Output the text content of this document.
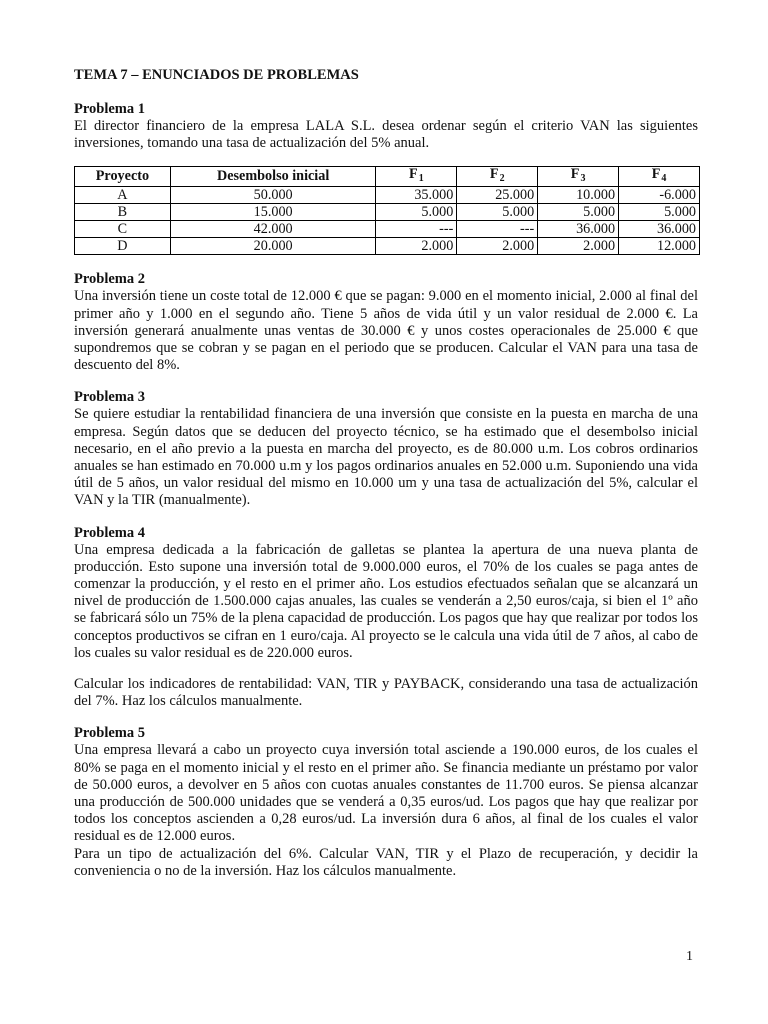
TEMA 7 – ENUNCIADOS DE PROBLEMAS
Problema 1

El director financiero de la empresa LALA S.L. desea ordenar según el criterio VAN las siguientes inversiones, tomando una tasa de actualización del 5% anual.

Proyecto	Desembolso inicial	$F_1$	$F_2$	$F_3$	$F_4$
A	50.000	35.000	25.000	10.000	-6.000
B	15.000	5.000	5.000	5.000	5.000
C	42.000	---	---	36.000	36.000
D	20.000	2.000	2.000	2.000	12.000
Problema 2

Una inversión tiene un coste total de 12.000 € que se pagan: 9.000 en el momento inicial, 2.000 al final del primer año y 1.000 en el segundo año. Tiene 5 años de vida útil y un valor residual de 2.000 €. La inversión generará anualmente unas ventas de 30.000 € y unos costes operacionales de 25.000 € que supondremos que se cobran y se pagan en el periodo que se producen. Calcular el VAN para una tasa de descuento del 8%.

Problema 3

Se quiere estudiar la rentabilidad financiera de una inversión que consiste en la puesta en marcha de una empresa. Según datos que se deducen del proyecto técnico, se ha estimado que el desembolso inicial necesario, en el año previo a la puesta en marcha del proyecto, es de 80.000 u.m. Los cobros ordinarios anuales se han estimado en 70.000 u.m y los pagos ordinarios anuales en 52.000 u.m. Suponiendo una vida útil de 5 años, un valor residual del mismo en 10.000 um y una tasa de actualización del 5%, calcular el VAN y la TIR (manualmente).

Problema 4

Una empresa dedicada a la fabricación de galletas se plantea la apertura de una nueva planta de producción. Esto supone una inversión total de 9.000.000 euros, el 70% de los cuales se paga antes de comenzar la producción, y el resto en el primer año. Los estudios efectuados señalan que se alcanzará un nivel de producción de 1.500.000 cajas anuales, las cuales se venderán a 2,50 euros/caja, si bien el 1º año se fabricará sólo un 75% de la plena capacidad de producción. Los pagos que hay que realizar por todos los conceptos productivos se cifran en 1 euro/caja. Al proyecto se le calcula una vida útil de 7 años, al cabo de los cuales su valor residual es de 220.000 euros.

Calcular los indicadores de rentabilidad: VAN, TIR y PAYBACK, considerando una tasa de actualización del 7%. Haz los cálculos manualmente.

Problema 5

Una empresa llevará a cabo un proyecto cuya inversión total asciende a 190.000 euros, de los cuales el 80% se paga en el momento inicial y el resto en el primer año. Se financia mediante un préstamo por valor de 50.000 euros, a devolver en 5 años con cuotas anuales constantes de 11.700 euros. Se piensa alcanzar una producción de 500.000 unidades que se venderá a 0,35 euros/ud. Los pagos que hay que realizar por todos los conceptos ascienden a 0,28 euros/ud. La inversión dura 6 años, al final de los cuales el valor residual es de 12.000 euros.

Para un tipo de actualización del 6%. Calcular VAN, TIR y el Plazo de recuperación, y decidir la conveniencia o no de la inversión. Haz los cálculos manualmente.

1
